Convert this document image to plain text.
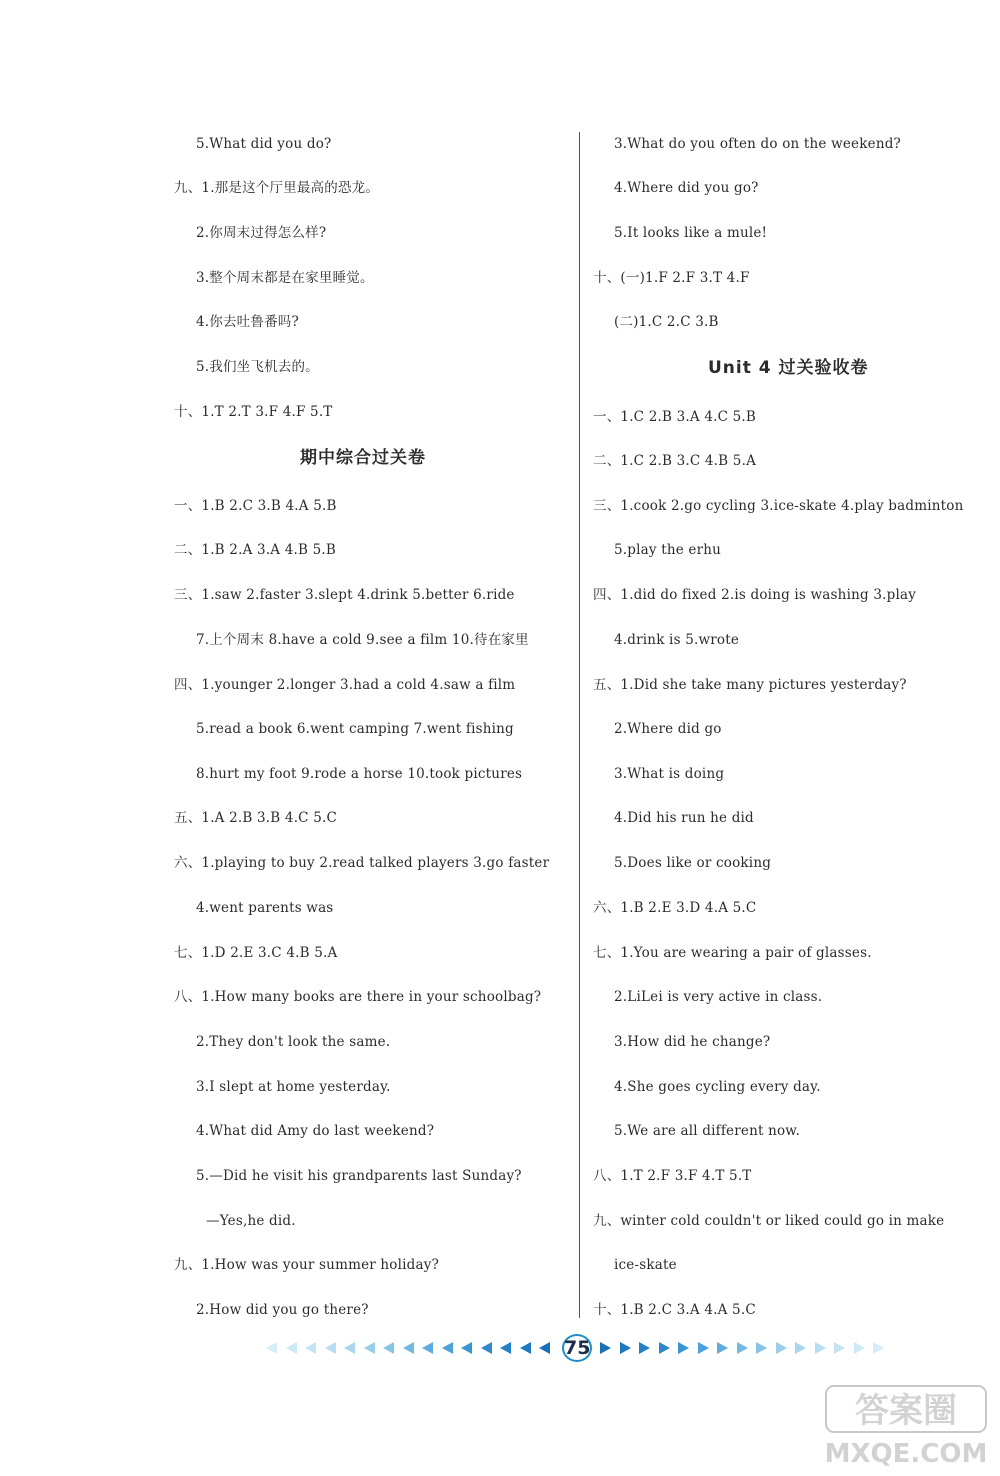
5.What did you do?
九、1.那是这个厅里最高的恐龙。
2.你周末过得怎么样?
3.整个周末都是在家里睡觉。
4.你去吐鲁番吗?
5.我们坐飞机去的。
十、1.T 2.T 3.F 4.F 5.T
期中综合过关卷
一、1.B 2.C 3.B 4.A 5.B
二、1.B 2.A 3.A 4.B 5.B
三、1.saw 2.faster 3.slept 4.drink 5.better 6.ride
7.上个周末 8.have a cold 9.see a film 10.待在家里
四、1.younger 2.longer 3.had a cold 4.saw a film
5.read a book 6.went camping 7.went fishing
8.hurt my foot 9.rode a horse 10.took pictures
五、1.A 2.B 3.B 4.C 5.C
六、1.playing to buy 2.read talked players 3.go faster
4.went parents was
七、1.D 2.E 3.C 4.B 5.A
八、1.How many books are there in your schoolbag?
2.They don't look the same.
3.I slept at home yesterday.
4.What did Amy do last weekend?
5.—Did he visit his grandparents last Sunday?
—Yes,he did.
九、1.How was your summer holiday?
2.How did you go there?
3.What do you often do on the weekend?
4.Where did you go?
5.It looks like a mule!
十、(一)1.F 2.F 3.T 4.F
(二)1.C 2.C 3.B
Unit 4 过关验收卷
一、1.C 2.B 3.A 4.C 5.B
二、1.C 2.B 3.C 4.B 5.A
三、1.cook 2.go cycling 3.ice-skate 4.play badminton
5.play the erhu
四、1.did do fixed 2.is doing is washing 3.play
4.drink is 5.wrote
五、1.Did she take many pictures yesterday?
2.Where did go
3.What is doing
4.Did his run he did
5.Does like or cooking
六、1.B 2.E 3.D 4.A 5.C
七、1.You are wearing a pair of glasses.
2.LiLei is very active in class.
3.How did he change?
4.She goes cycling every day.
5.We are all different now.
八、1.T 2.F 3.F 4.T 5.T
九、winter cold couldn't or liked could go in make
ice-skate
十、1.B 2.C 3.A 4.A 5.C
75
答案圈
MXQE.COM
